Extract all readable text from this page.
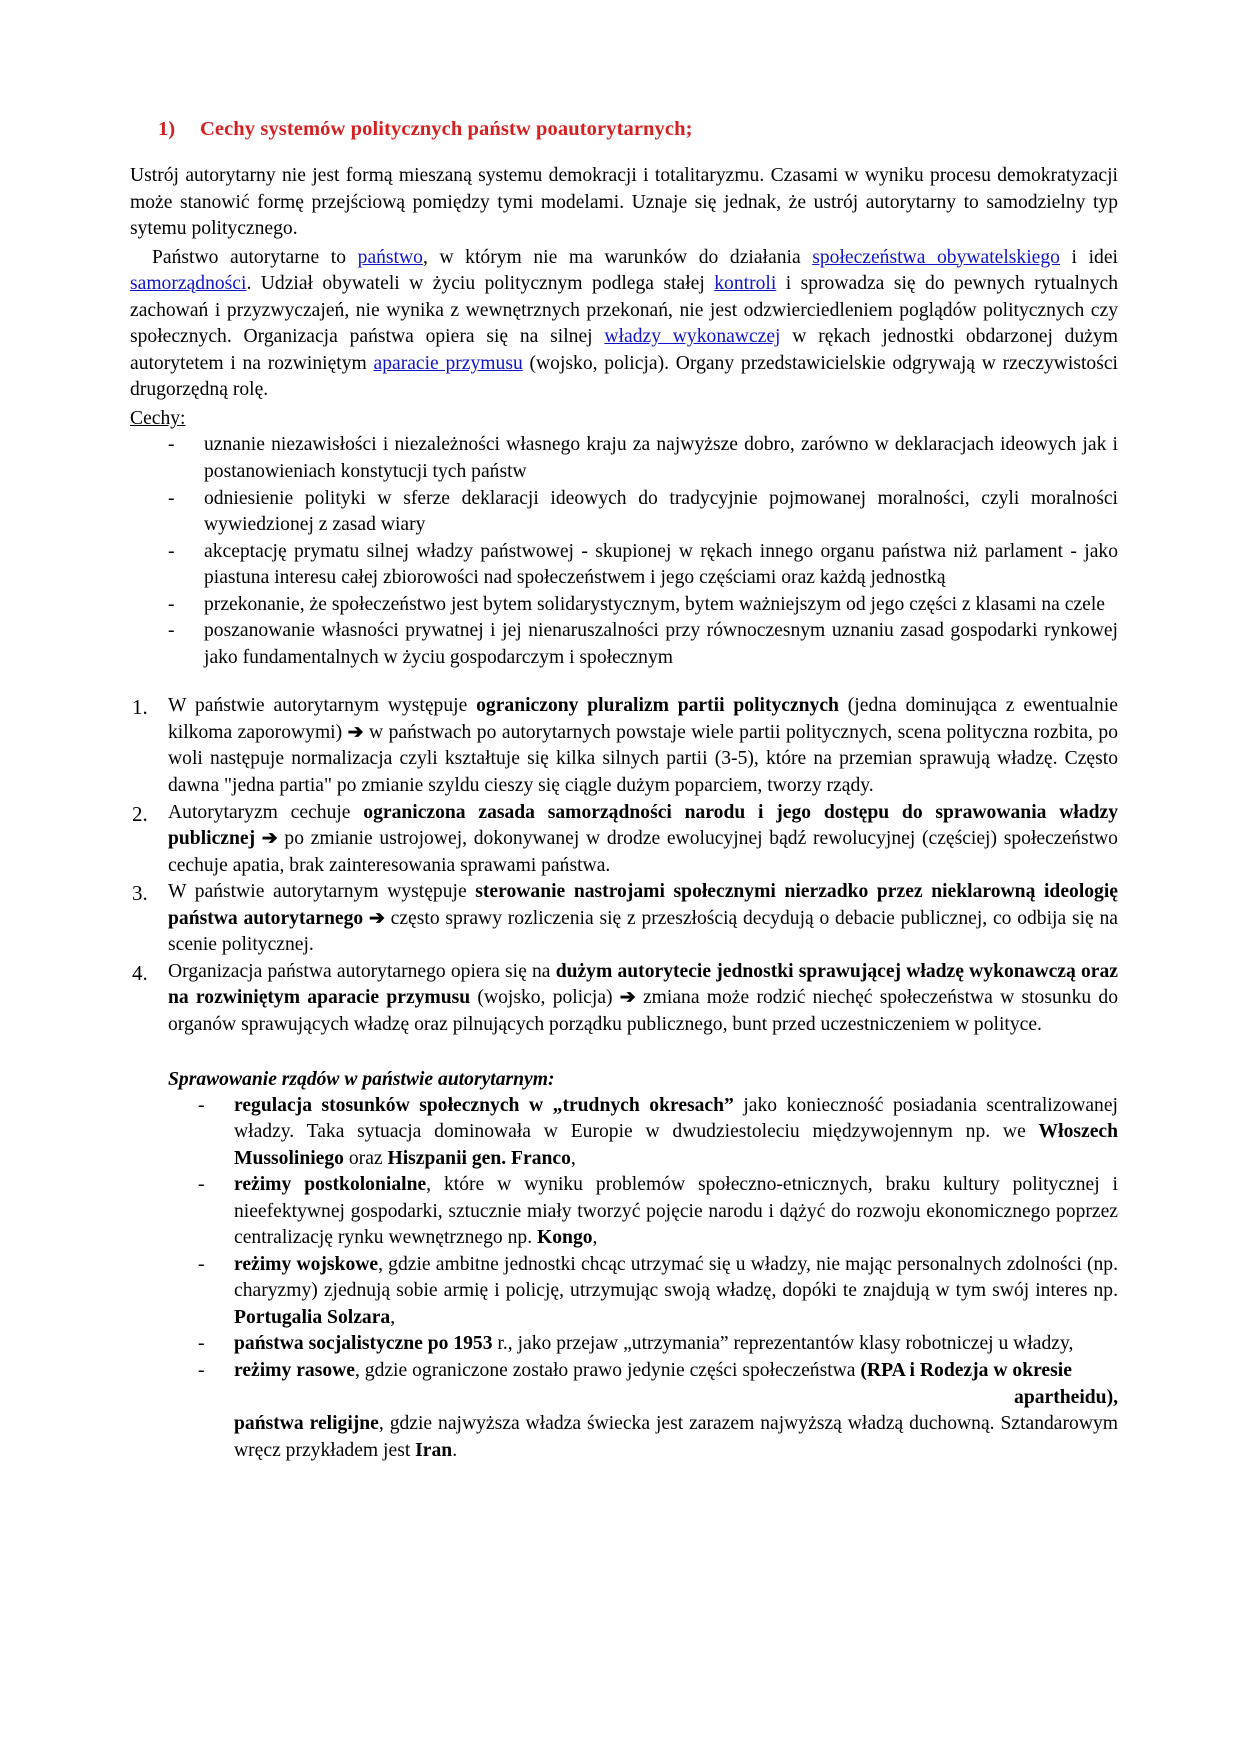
1)	Cechy systemów politycznych państw poautorytarnych;

Ustrój autorytarny nie jest formą mieszaną systemu demokracji i totalitaryzmu. Czasami w wyniku procesu demokratyzacji może stanowić formę przejściową pomiędzy tymi modelami. Uznaje się jednak, że ustrój autorytarny to samodzielny typ sytemu politycznego.

Państwo autorytarne to państwo, w którym nie ma warunków do działania społeczeństwa obywatelskiego i idei samorządności. Udział obywateli w życiu politycznym podlega stałej kontroli i sprowadza się do pewnych rytualnych zachowań i przyzwyczajeń, nie wynika z wewnętrznych przekonań, nie jest odzwierciedleniem poglądów politycznych czy społecznych. Organizacja państwa opiera się na silnej władzy wykonawczej w rękach jednostki obdarzonej dużym autorytetem i na rozwiniętym aparacie przymusu (wojsko, policja). Organy przedstawicielskie odgrywają w rzeczywistości drugorzędną rolę.

Cechy:

- uznanie niezawisłości i niezależności własnego kraju za najwyższe dobro, zarówno w deklaracjach ideowych jak i postanowieniach konstytucji tych państw
- odniesienie polityki w sferze deklaracji ideowych do tradycyjnie pojmowanej moralności, czyli moralności wywiedzionej z zasad wiary
- akceptację prymatu silnej władzy państwowej - skupionej w rękach innego organu państwa niż parlament - jako piastuna interesu całej zbiorowości nad społeczeństwem i jego częściami oraz każdą jednostką
- przekonanie, że społeczeństwo jest bytem solidarystycznym, bytem ważniejszym od jego części z klasami na czele
- poszanowanie własności prywatnej i jej nienaruszalności przy równoczesnym uznaniu zasad gospodarki rynkowej jako fundamentalnych w życiu gospodarczym i społecznym
1. W państwie autorytarnym występuje ograniczony pluralizm partii politycznych (jedna dominująca z ewentualnie kilkoma zaporowymi) ➔ w państwach po autorytarnych powstaje wiele partii politycznych, scena polityczna rozbita, po woli następuje normalizacja czyli kształtuje się kilka silnych partii (3-5), które na przemian sprawują władzę. Często dawna "jedna partia" po zmianie szyldu cieszy się ciągle dużym poparciem, tworzy rządy.
2. Autorytaryzm cechuje ograniczona zasada samorządności narodu i jego dostępu do sprawowania władzy publicznej ➔ po zmianie ustrojowej, dokonywanej w drodze ewolucyjnej bądź rewolucyjnej (częściej) społeczeństwo cechuje apatia, brak zainteresowania sprawami państwa.
3. W państwie autorytarnym występuje sterowanie nastrojami społecznymi nierzadko przez nieklarowną ideologię państwa autorytarnego ➔ często sprawy rozliczenia się z przeszłością decydują o debacie publicznej, co odbija się na scenie politycznej.
4. Organizacja państwa autorytarnego opiera się na dużym autorytecie jednostki sprawującej władzę wykonawczą oraz na rozwiniętym aparacie przymusu (wojsko, policja) ➔ zmiana może rodzić niechęć społeczeństwa w stosunku do organów sprawujących władzę oraz pilnujących porządku publicznego, bunt przed uczestniczeniem w polityce.

Sprawowanie rządów w państwie autorytarnym:

- regulacja stosunków społecznych w „trudnych okresach” jako konieczność posiadania scentralizowanej władzy. Taka sytuacja dominowała w Europie w dwudziestoleciu międzywojennym np. we Włoszech Mussoliniego oraz Hiszpanii gen. Franco,
- reżimy postkolonialne, które w wyniku problemów społeczno-etnicznych, braku kultury politycznej i nieefektywnej gospodarki, sztucznie miały tworzyć pojęcie narodu i dążyć do rozwoju ekonomicznego poprzez centralizację rynku wewnętrznego np. Kongo,
- reżimy wojskowe, gdzie ambitne jednostki chcąc utrzymać się u władzy, nie mając personalnych zdolności (np. charyzmy) zjednują sobie armię i policję, utrzymując swoją władzę, dopóki te znajdują w tym swój interes np. Portugalia Solzara,
- państwa socjalistyczne po 1953 r., jako przejaw „utrzymania” reprezentantów klasy robotniczej u władzy,
- reżimy rasowe, gdzie ograniczone zostało prawo jedynie części społeczeństwa (RPA i Rodezja w okresie
apartheidu),
państwa religijne, gdzie najwyższa władza świecka jest zarazem najwyższą władzą duchowną. Sztandarowym wręcz przykładem jest Iran.
